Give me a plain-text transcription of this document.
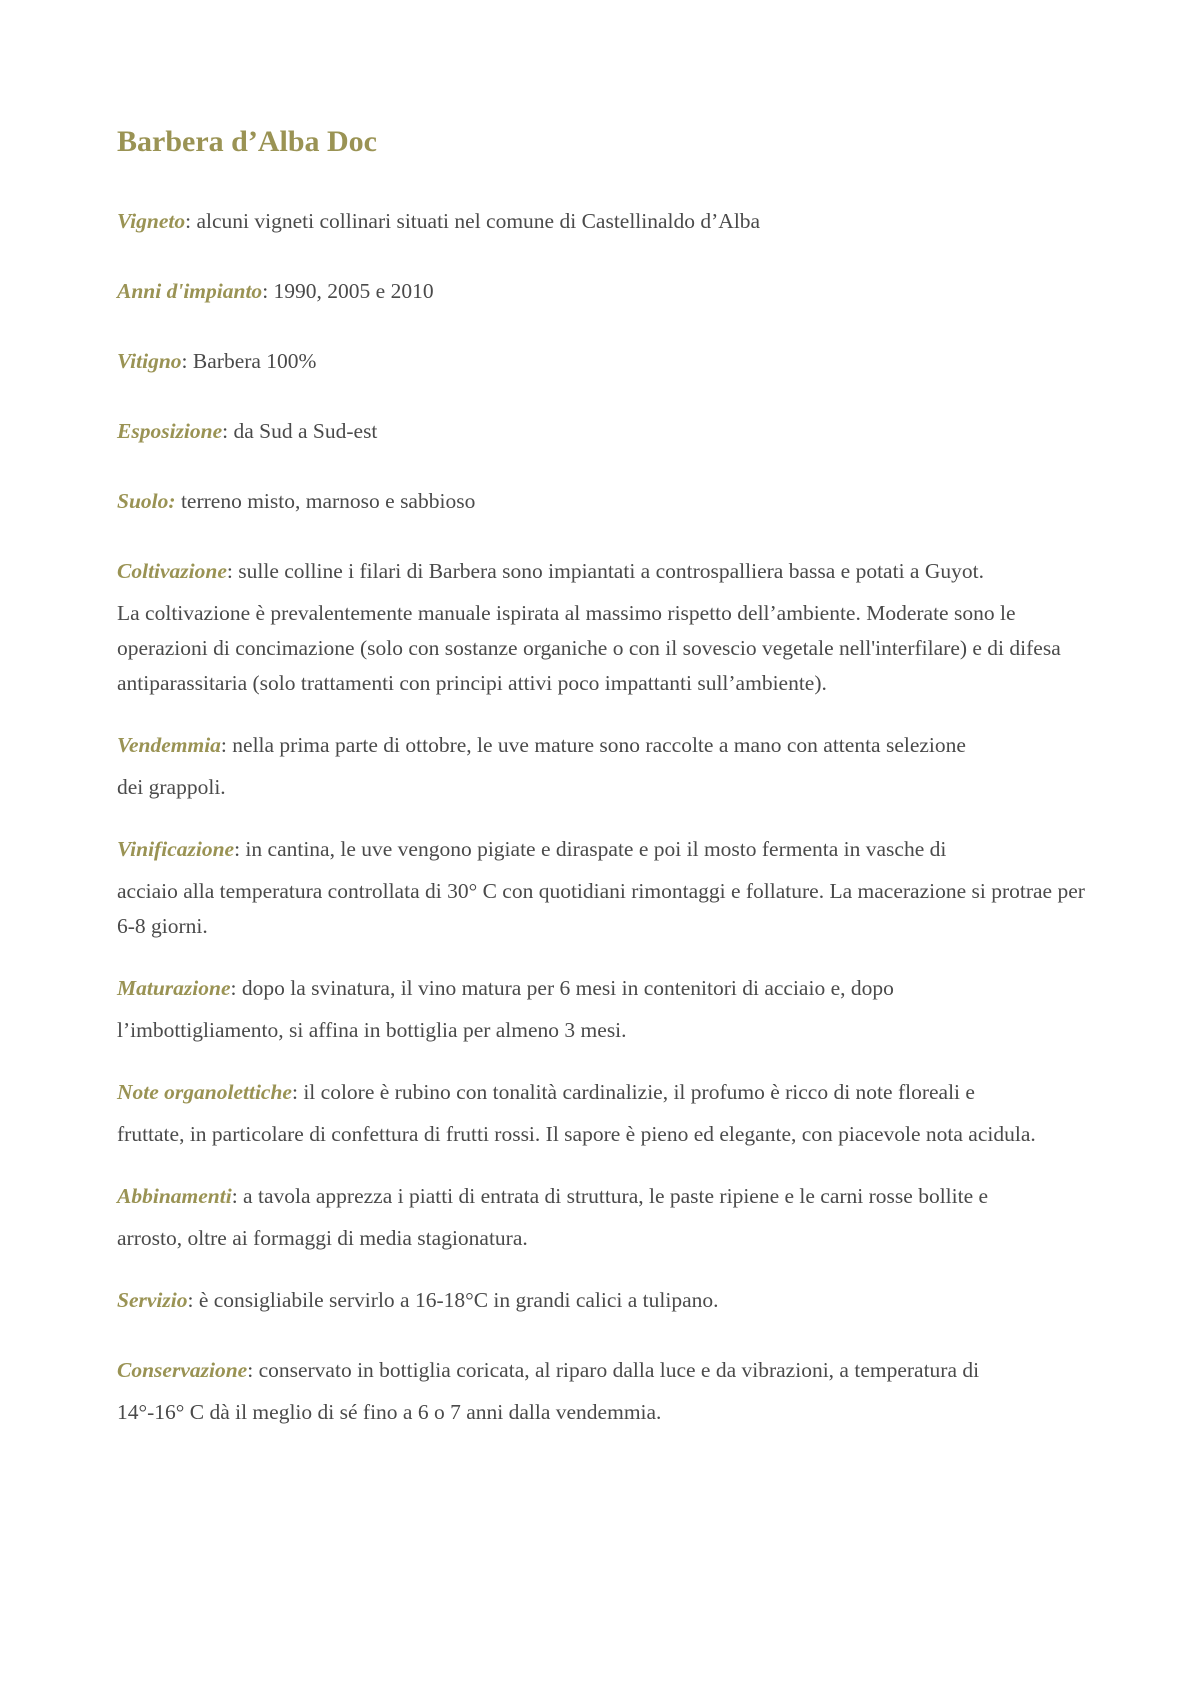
Barbera d’Alba Doc

Vigneto: alcuni vigneti collinari situati nel comune di Castellinaldo d’Alba

Anni d'impianto: 1990, 2005 e 2010

Vitigno: Barbera 100%

Esposizione: da Sud a Sud-est

Suolo: terreno misto, marnoso e sabbioso

Coltivazione: sulle colline i filari di Barbera sono impiantati a controspalliera bassa e potati a Guyot.
La coltivazione è prevalentemente manuale ispirata al massimo rispetto dell’ambiente. Moderate sono le operazioni di concimazione (solo con sostanze organiche o con il sovescio vegetale nell'interfilare) e di difesa antiparassitaria (solo trattamenti con principi attivi poco impattanti sull’ambiente).

Vendemmia: nella prima parte di ottobre, le uve mature sono raccolte a mano con attenta selezione
dei grappoli.

Vinificazione: in cantina, le uve vengono pigiate e diraspate e poi il mosto fermenta in vasche di
acciaio alla temperatura controllata di 30° C con quotidiani rimontaggi e follature. La macerazione si protrae per 6-8 giorni.

Maturazione: dopo la svinatura, il vino matura per 6 mesi in contenitori di acciaio e, dopo
l’imbottigliamento, si affina in bottiglia per almeno 3 mesi.

Note organolettiche: il colore è rubino con tonalità cardinalizie, il profumo è ricco di note floreali e
fruttate, in particolare di confettura di frutti rossi. Il sapore è pieno ed elegante, con piacevole nota acidula.

Abbinamenti: a tavola apprezza i piatti di entrata di struttura, le paste ripiene e le carni rosse bollite e
arrosto, oltre ai formaggi di media stagionatura.

Servizio: è consigliabile servirlo a 16-18°C in grandi calici a tulipano.

Conservazione: conservato in bottiglia coricata, al riparo dalla luce e da vibrazioni, a temperatura di
14°-16° C dà il meglio di sé fino a 6 o 7 anni dalla vendemmia.
